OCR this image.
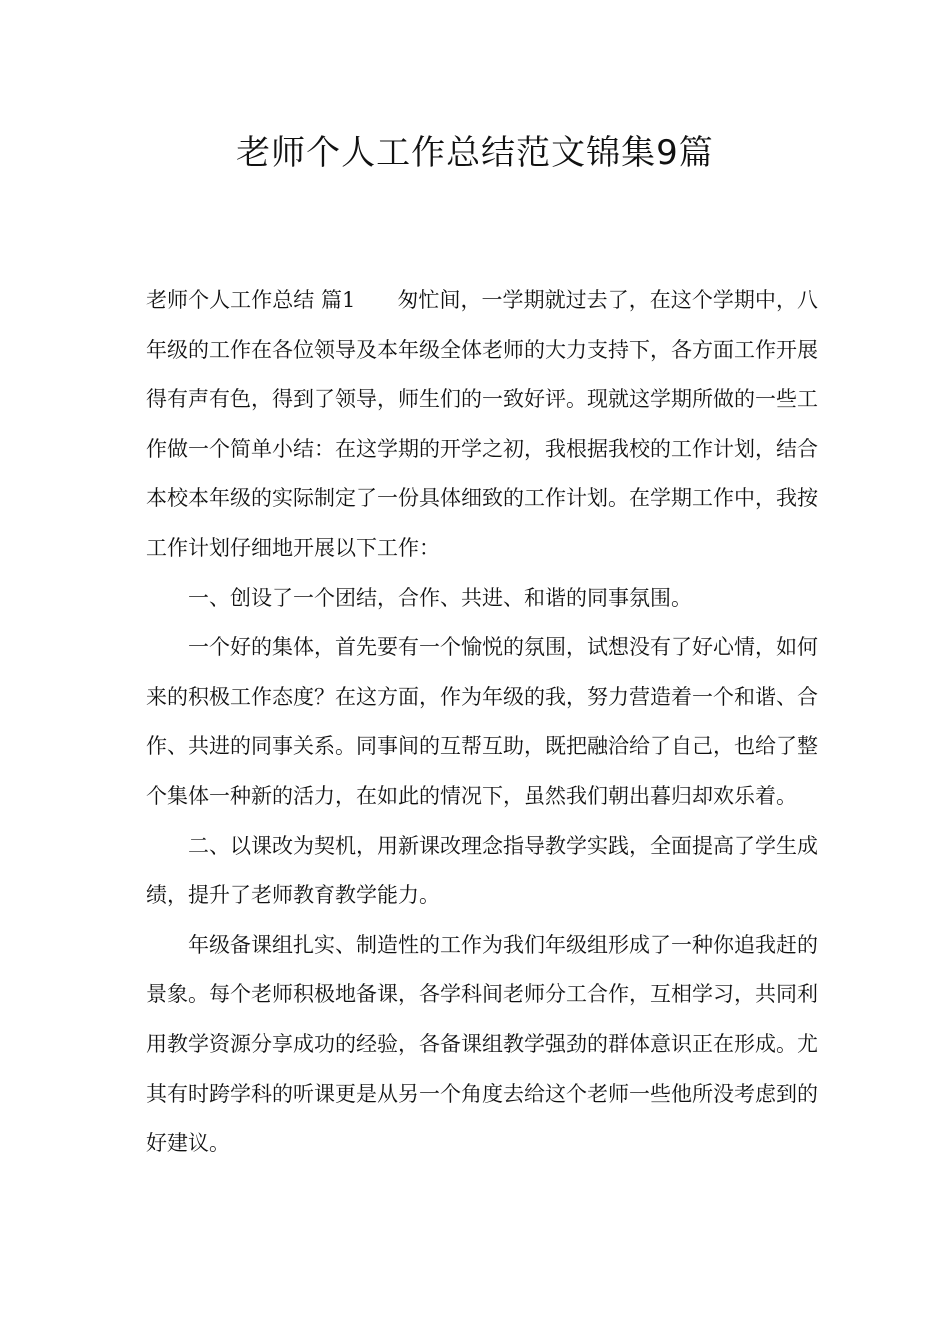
老师个人工作总结范文锦集9篇

老师个人工作总结 篇1 匆忙间，一学期就过去了，在这个学期中，八年级的工作在各位领导及本年级全体老师的大力支持下，各方面工作开展得有声有色，得到了领导，师生们的一致好评。现就这学期所做的一些工作做一个简单小结：在这学期的开学之初，我根据我校的工作计划，结合本校本年级的实际制定了一份具体细致的工作计划。在学期工作中，我按工作计划仔细地开展以下工作：

一、创设了一个团结，合作、共进、和谐的同事氛围。

一个好的集体，首先要有一个愉悦的氛围，试想没有了好心情，如何来的积极工作态度？在这方面，作为年级的我，努力营造着一个和谐、合作、共进的同事关系。同事间的互帮互助，既把融洽给了自己，也给了整个集体一种新的活力，在如此的情况下，虽然我们朝出暮归却欢乐着。

二、以课改为契机，用新课改理念指导教学实践，全面提高了学生成绩，提升了老师教育教学能力。

年级备课组扎实、制造性的工作为我们年级组形成了一种你追我赶的景象。每个老师积极地备课，各学科间老师分工合作，互相学习，共同利用教学资源分享成功的经验，各备课组教学强劲的群体意识正在形成。尤其有时跨学科的听课更是从另一个角度去给这个老师一些他所没考虑到的好建议。
